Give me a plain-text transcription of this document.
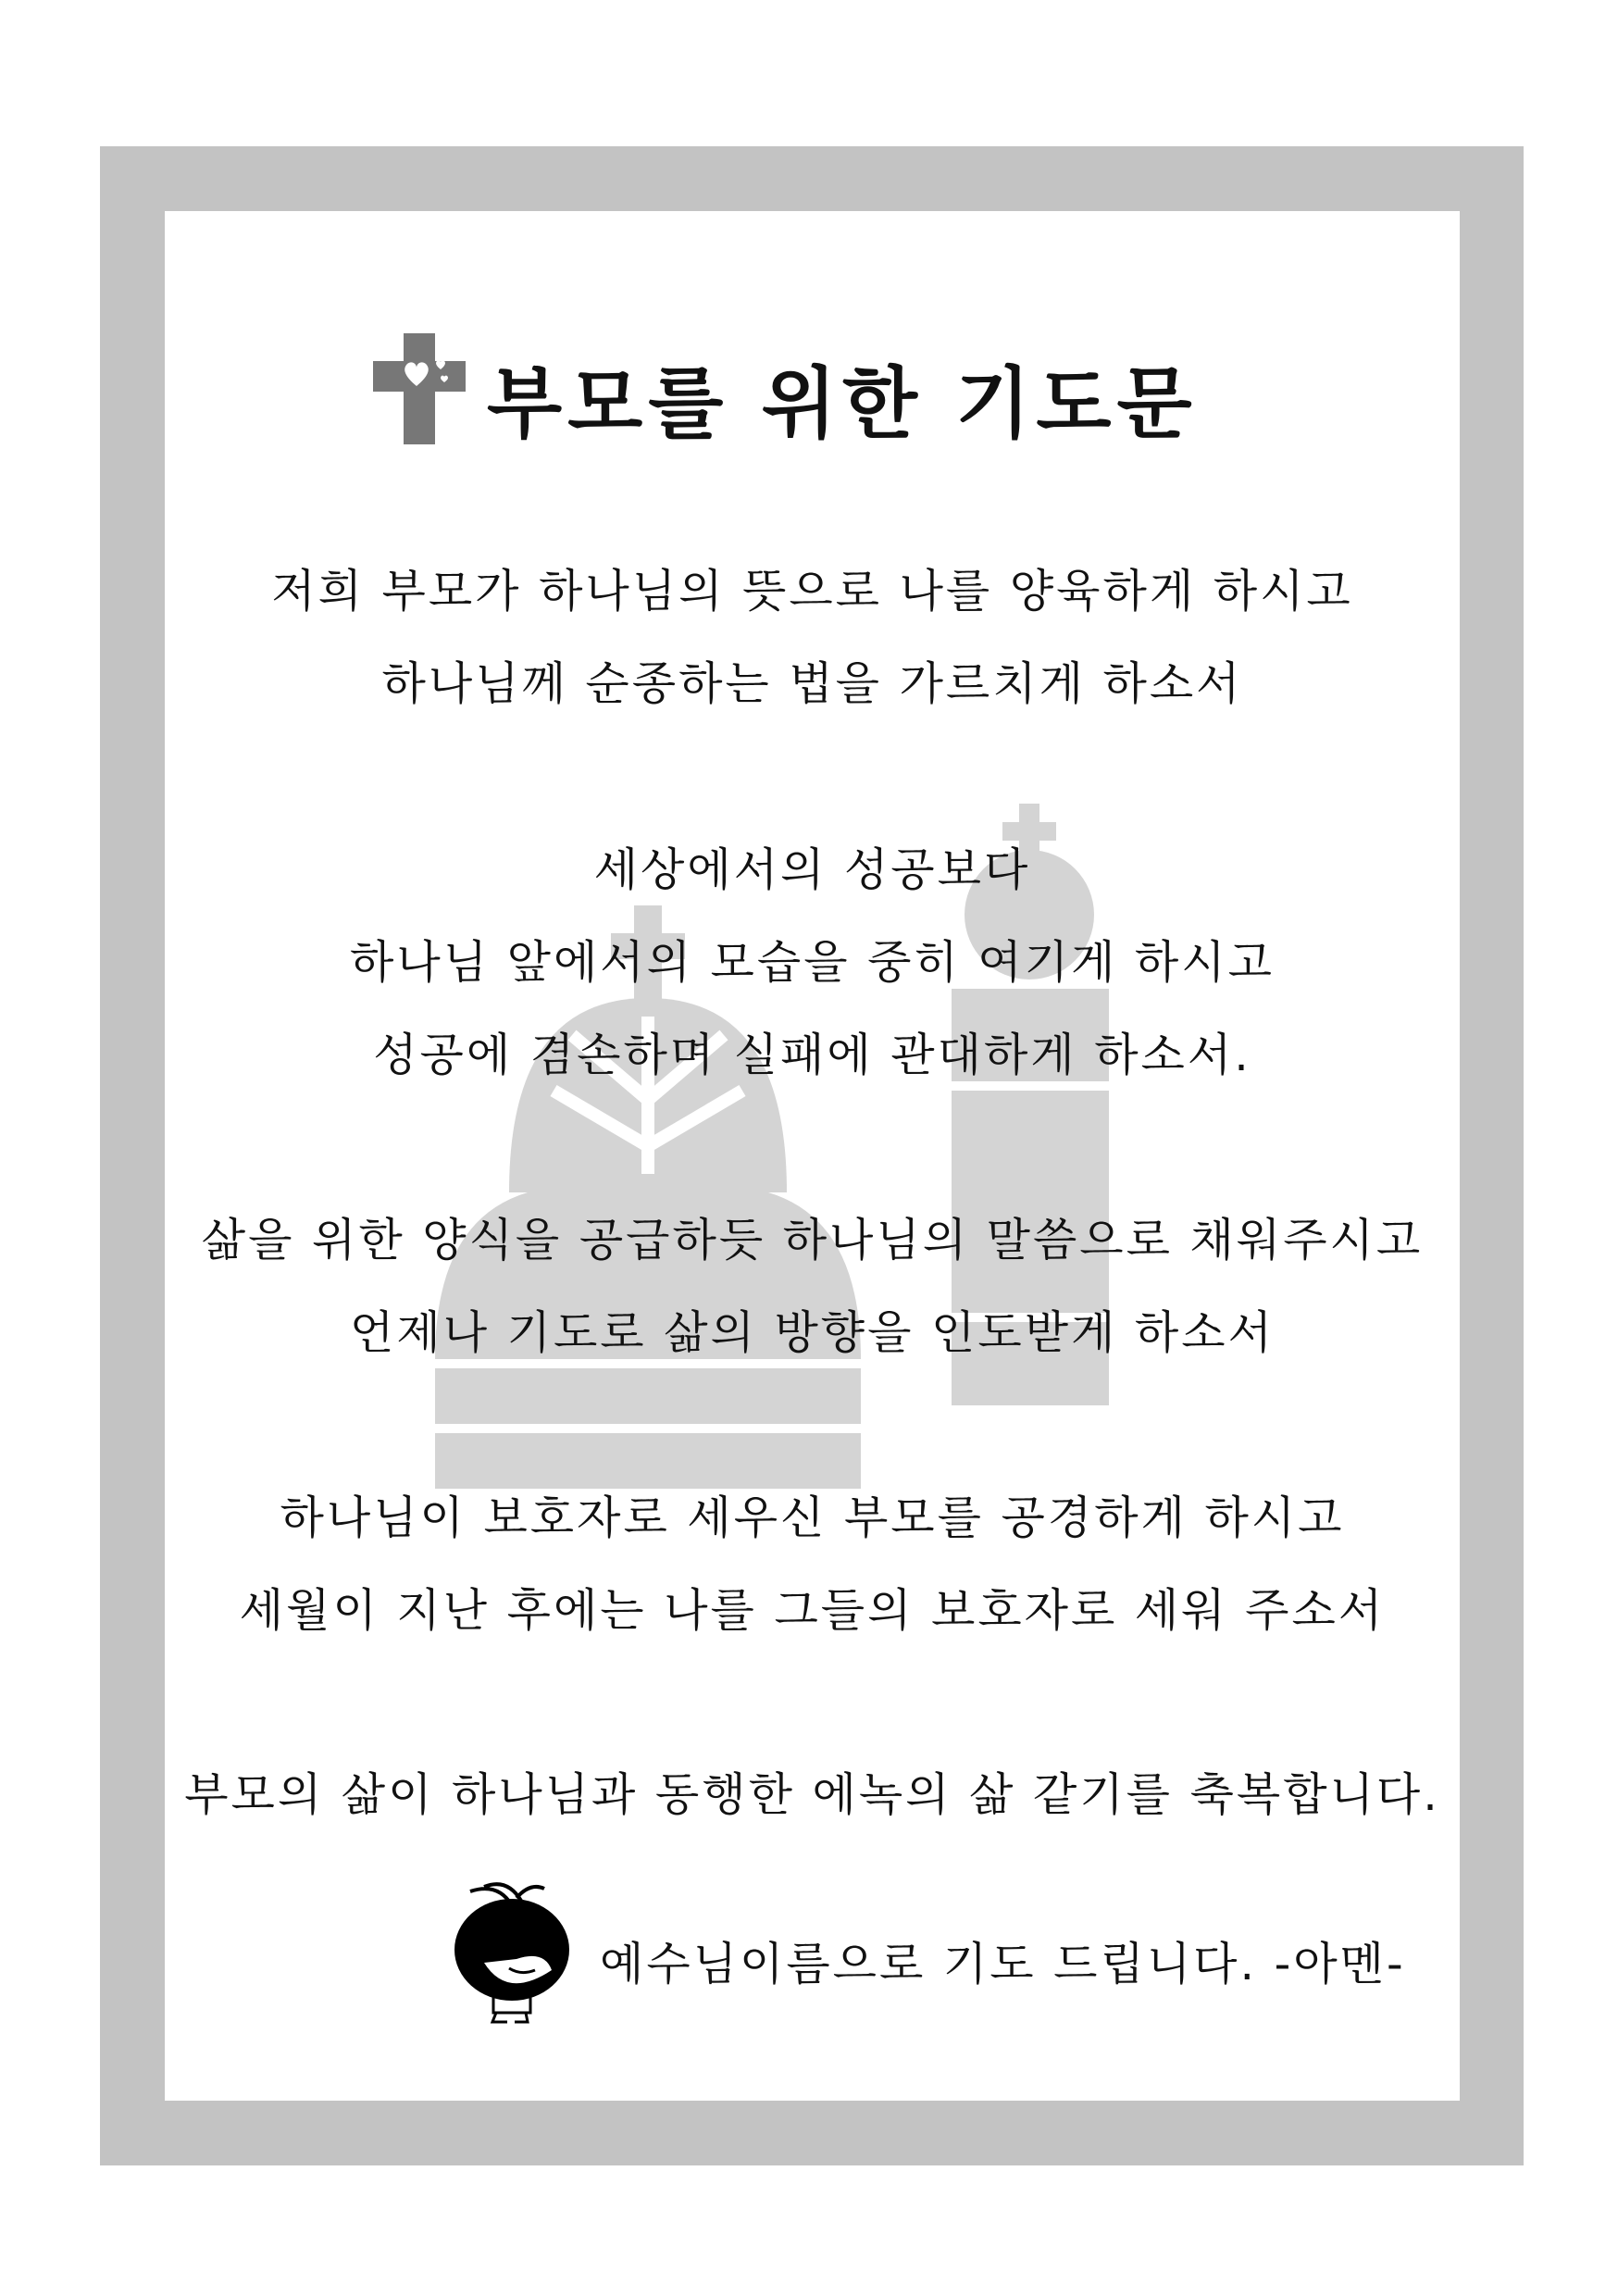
부모를 위한 기도문
저희 부모가 하나님의 뜻으로 나를 양육하게 하시고
하나님께 순종하는 법을 가르치게 하소서
세상에서의 성공보다
하나님 앞에서의 모습을 중히 여기게 하시고
성공에 겸손하며 실패에 관대하게 하소서.
삶을 위한 양식을 공급하듯 하나님의 말씀으로 채워주시고
언제나 기도로 삶의 방향을 인도받게 하소서
하나님이 보호자로 세우신 부모를 공경하게 하시고
세월이 지난 후에는 나를 그들의 보호자로 세워 주소서
부모의 삶이 하나님과 동행한 에녹의 삶 같기를 축복합니다.
예수님이름으로 기도 드립니다. -아멘-
